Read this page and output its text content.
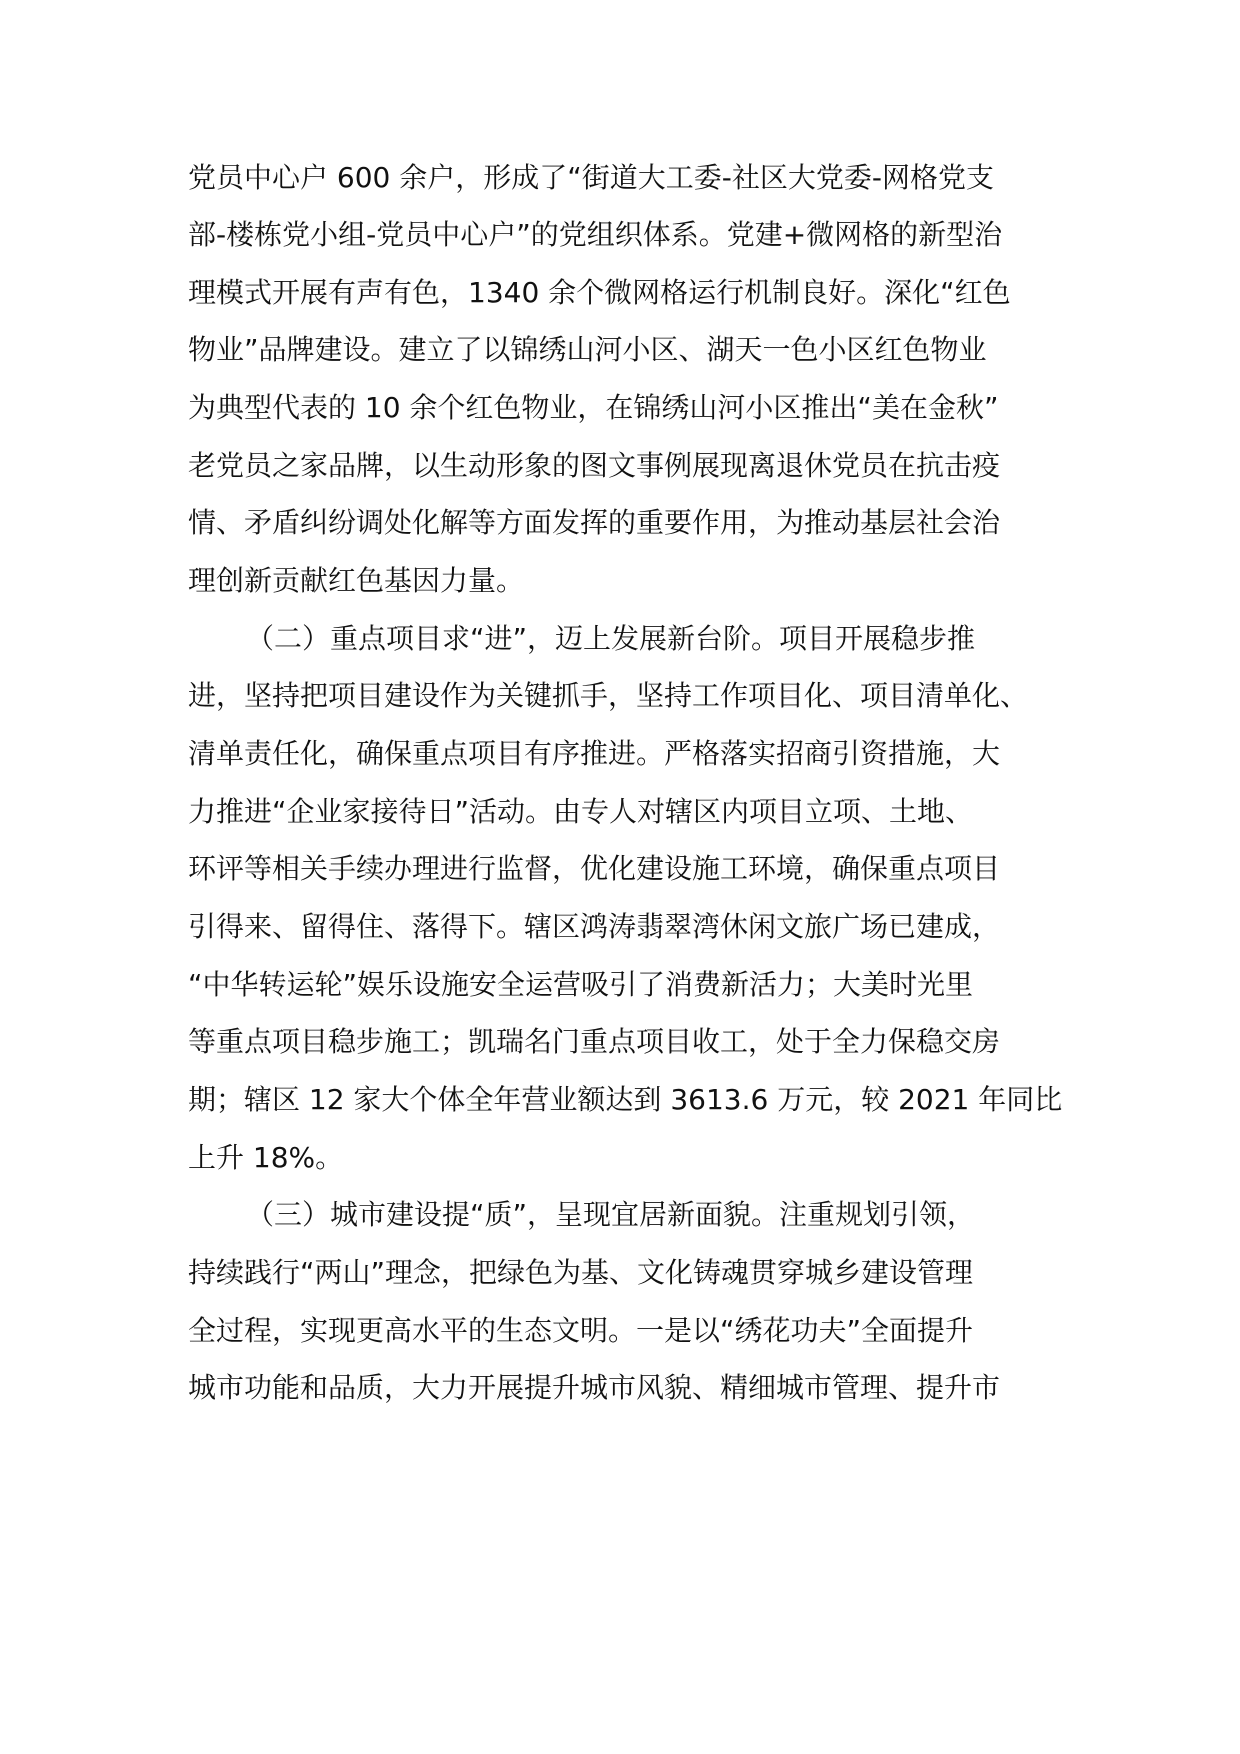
党员中心户 600 余户，形成了“街道大工委-社区大党委-网格党支
部-楼栋党小组-党员中心户”的党组织体系。党建+微网格的新型治
理模式开展有声有色，1340 余个微网格运行机制良好。深化“红色
物业”品牌建设。建立了以锦绣山河小区、湖天一色小区红色物业
为典型代表的 10 余个红色物业，在锦绣山河小区推出“美在金秋”
老党员之家品牌，以生动形象的图文事例展现离退休党员在抗击疫
情、矛盾纠纷调处化解等方面发挥的重要作用，为推动基层社会治
理创新贡献红色基因力量。
（二）重点项目求“进”，迈上发展新台阶。项目开展稳步推
进，坚持把项目建设作为关键抓手，坚持工作项目化、项目清单化、
清单责任化，确保重点项目有序推进。严格落实招商引资措施，大
力推进“企业家接待日”活动。由专人对辖区内项目立项、土地、
环评等相关手续办理进行监督，优化建设施工环境，确保重点项目
引得来、留得住、落得下。辖区鸿涛翡翠湾休闲文旅广场已建成，
“中华转运轮”娱乐设施安全运营吸引了消费新活力；大美时光里
等重点项目稳步施工；凯瑞名门重点项目收工，处于全力保稳交房
期；辖区 12 家大个体全年营业额达到 3613.6 万元，较 2021 年同比
上升 18%。
（三）城市建设提“质”，呈现宜居新面貌。注重规划引领，
持续践行“两山”理念，把绿色为基、文化铸魂贯穿城乡建设管理
全过程，实现更高水平的生态文明。一是以“绣花功夫”全面提升
城市功能和品质，大力开展提升城市风貌、精细城市管理、提升市
